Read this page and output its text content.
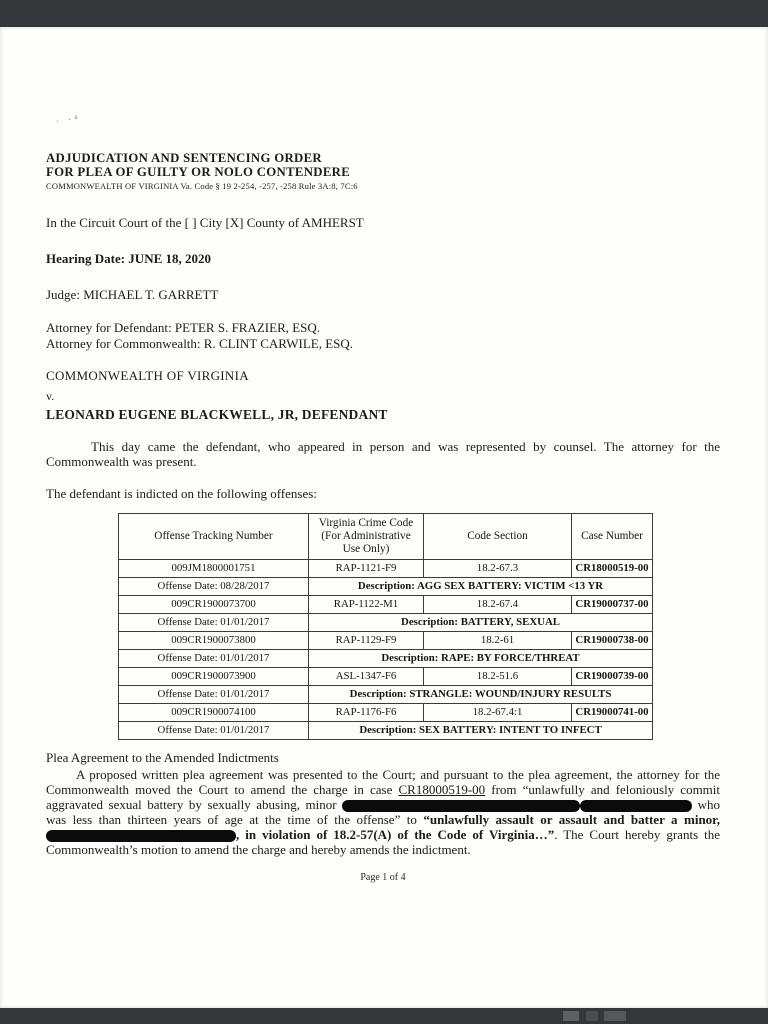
· ·⁴
ADJUDICATION AND SENTENCING ORDER
FOR PLEA OF GUILTY OR NOLO CONTENDERE
COMMONWEALTH OF VIRGINIA Va. Code § 19 2-254, -257, -258 Rule 3A:8, 7C:6
In the Circuit Court of the [ ] City [X] County of AMHERST
Hearing Date: JUNE 18, 2020
Judge: MICHAEL T. GARRETT
Attorney for Defendant: PETER S. FRAZIER, ESQ.
Attorney for Commonwealth: R. CLINT CARWILE, ESQ.
COMMONWEALTH OF VIRGINIA
v.
LEONARD EUGENE BLACKWELL, JR, DEFENDANT

This day came the defendant, who appeared in person and was represented by counsel. The attorney for the Commonwealth was present.

The defendant is indicted on the following offenses:
Offense Tracking Number	Virginia Crime Code (For Administrative Use Only)	Code Section	Case Number
009JM1800001751	RAP-1121-F9	18.2-67.3	CR18000519-00
Offense Date: 08/28/2017	Description: AGG SEX BATTERY: VICTIM <13 YR		
009CR1900073700	RAP-1122-M1	18.2-67.4	CR19000737-00
Offense Date: 01/01/2017	Description: BATTERY, SEXUAL		
009CR1900073800	RAP-1129-F9	18.2-61	CR19000738-00
Offense Date: 01/01/2017	Description: RAPE: BY FORCE/THREAT		
009CR1900073900	ASL-1347-F6	18.2-51.6	CR19000739-00
Offense Date: 01/01/2017	Description: STRANGLE: WOUND/INJURY RESULTS		
009CR1900074100	RAP-1176-F6	18.2-67.4:1	CR19000741-00
Offense Date: 01/01/2017	Description: SEX BATTERY: INTENT TO INFECT		
Plea Agreement to the Amended Indictments

A proposed written plea agreement was presented to the Court; and pursuant to the plea agreement, the attorney for the Commonwealth moved the Court to amend the charge in case CR18000519-00 from “unlawfully and feloniously commit aggravated sexual battery by sexually abusing, minor	who was less than thirteen years of age at the time of the offense” to “unlawfully assault or assault and batter a minor, , in violation of 18.2-57(A) of the Code of Virginia…”. The Court hereby grants the Commonwealth’s motion to amend the charge and hereby amends the indictment.

Page 1 of 4
